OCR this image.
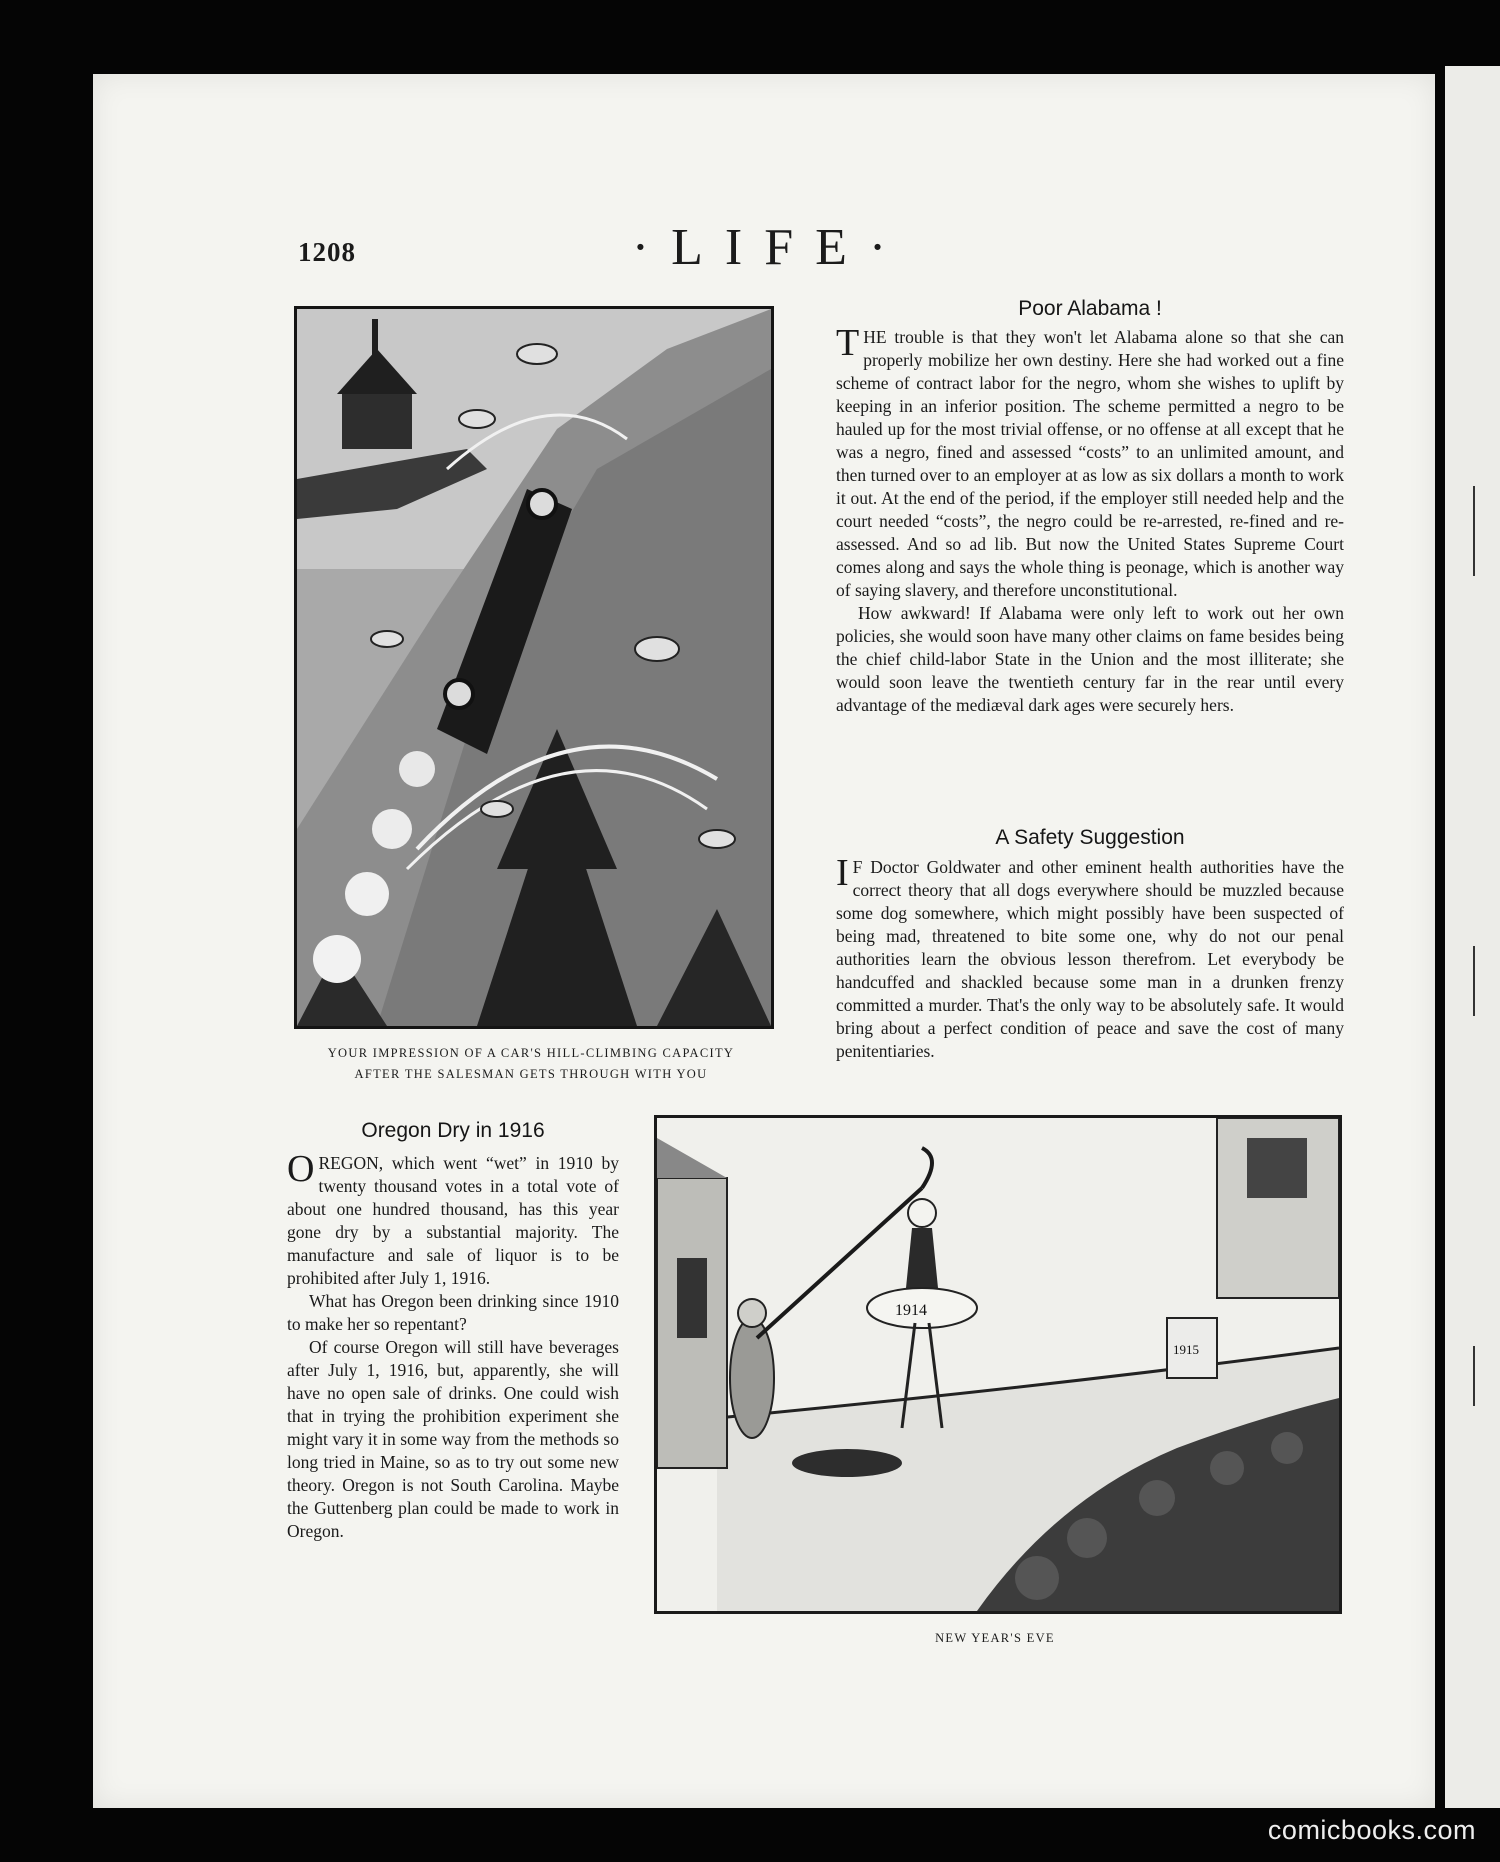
1208	·LIFE·
YOUR IMPRESSION OF A CAR'S HILL-CLIMBING CAPACITY
AFTER THE SALESMAN GETS THROUGH WITH YOU
Poor Alabama !

THE trouble is that they won't let Alabama alone so that she can properly mobilize her own destiny. Here she had worked out a fine scheme of contract labor for the negro, whom she wishes to uplift by keeping in an inferior position. The scheme permitted a negro to be hauled up for the most trivial offense, or no offense at all except that he was a negro, fined and assessed “costs” to an unlimited amount, and then turned over to an employer at as low as six dollars a month to work it out. At the end of the period, if the employer still needed help and the court needed “costs”, the negro could be re-arrested, re-fined and re-assessed. And so ad lib. But now the United States Supreme Court comes along and says the whole thing is peonage, which is another way of saying slavery, and therefore unconstitutional.

How awkward! If Alabama were only left to work out her own policies, she would soon have many other claims on fame besides being the chief child-labor State in the Union and the most illiterate; she would soon leave the twentieth century far in the rear until every advantage of the mediæval dark ages were securely hers.

A Safety Suggestion

I F Doctor Goldwater and other eminent health authorities have the correct theory that all dogs everywhere should be muzzled because some dog somewhere, which might possibly have been suspected of being mad, threatened to bite some one, why do not our penal authorities learn the obvious lesson therefrom. Let everybody be handcuffed and shackled because some man in a drunken frenzy committed a murder. That's the only way to be absolutely safe. It would bring about a perfect condition of peace and save the cost of many penitentiaries.

Oregon Dry in 1916

OREGON, which went “wet” in 1910 by twenty thousand votes in a total vote of about one hundred thousand, has this year gone dry by a substantial majority. The manufacture and sale of liquor is to be prohibited after July 1, 1916.

What has Oregon been drinking since 1910 to make her so repentant?

Of course Oregon will still have beverages after July 1, 1916, but, apparently, she will have no open sale of drinks. One could wish that in trying the prohibition experiment she might vary it in some way from the methods so long tried in Maine, so as to try out some new theory. Oregon is not South Carolina. Maybe the Guttenberg plan could be made to work in Oregon.

1914
1915
NEW YEAR'S EVE
comicbooks.com
